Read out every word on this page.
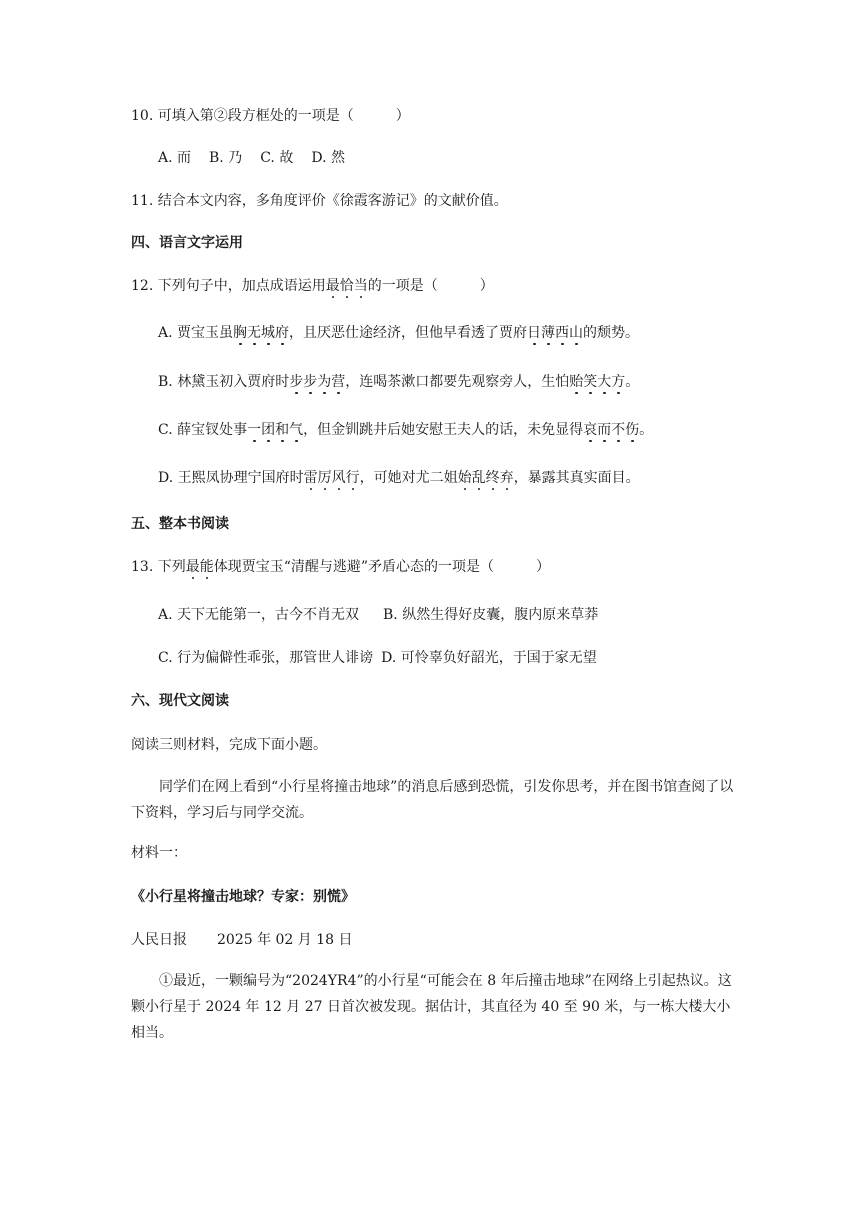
10. 可填入第②段方框处的一项是（	）
A. 而 B. 乃 C. 故 D. 然
11. 结合本文内容，多角度评价《徐霞客游记》的文献价值。
四、语言文字运用
12. 下列句子中，加点成语运用最恰当的一项是（	）
A. 贾宝玉虽胸无城府，且厌恶仕途经济，但他早看透了贾府日薄西山的颓势。
B. 林黛玉初入贾府时步步为营，连喝茶漱口都要先观察旁人，生怕贻笑大方。
C. 薛宝钗处事一团和气，但金钏跳井后她安慰王夫人的话，未免显得哀而不伤。
D. 王熙凤协理宁国府时雷厉风行，可她对尤二姐始乱终弃，暴露其真实面目。
五、整本书阅读
13. 下列最能体现贾宝玉“清醒与逃避”矛盾心态的一项是（	）
A. 天下无能第一，古今不肖无双 B. 纵然生得好皮囊，腹内原来草莽
C. 行为偏僻性乖张，那管世人诽谤 D. 可怜辜负好韶光，于国于家无望
六、现代文阅读
阅读三则材料，完成下面小题。
同学们在网上看到“小行星将撞击地球”的消息后感到恐慌，引发你思考，并在图书馆查阅了以下资料，学习后与同学交流。
材料一：
《小行星将撞击地球？专家：别慌》
人民日报 2025 年 02 月 18 日
①最近，一颗编号为“2024YR4”的小行星“可能会在 8 年后撞击地球”在网络上引起热议。这颗小行星于 2024 年 12 月 27 日首次被发现。据估计，其直径为 40 至 90 米，与一栋大楼大小相当。
